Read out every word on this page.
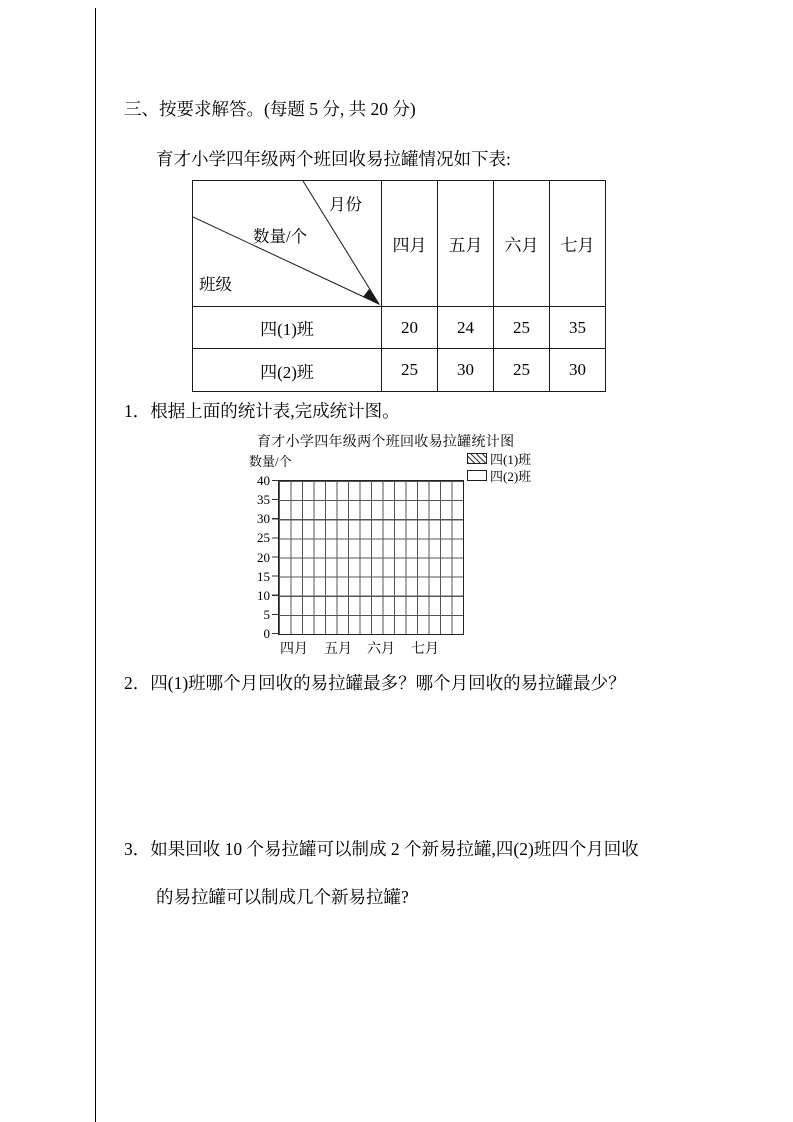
三、按要求解答。(每题 5 分, 共 20 分)
育才小学四年级两个班回收易拉罐情况如下表:
月份
数量/个
班级	四月	五月	六月	七月
四(1)班	20	24	25	35
四(2)班	25	30	25	30
1．根据上面的统计表,完成统计图。
育才小学四年级两个班回收易拉罐统计图
数量/个	四(1)班
四(2)班
40
35
30
25
20
15
10
5
0
四月 五月 六月 七月
2．四(1)班哪个月回收的易拉罐最多？哪个月回收的易拉罐最少？
3．如果回收 10 个易拉罐可以制成 2 个新易拉罐,四(2)班四个月回收
的易拉罐可以制成几个新易拉罐?
